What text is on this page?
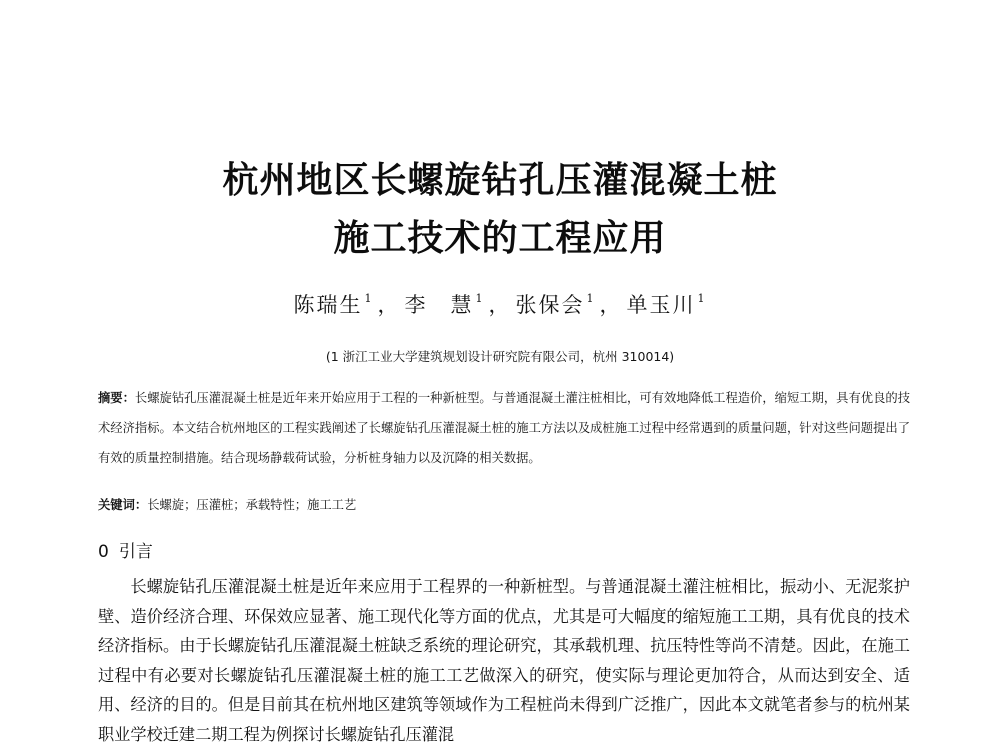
杭州地区长螺旋钻孔压灌混凝土桩
施工技术的工程应用
陈瑞生 $^1$ ， 李　慧 $^1$ ， 张保会 $^1$ ， 单玉川 $^1$
(1 浙江工业大学建筑规划设计研究院有限公司，杭州 310014)
摘要：长螺旋钻孔压灌混凝土桩是近年来开始应用于工程的一种新桩型。与普通混凝土灌注桩相比，可有效地降低工程造价，缩短工期，具有优良的技术经济指标。本文结合杭州地区的工程实践阐述了长螺旋钻孔压灌混凝土桩的施工方法以及成桩施工过程中经常遇到的质量问题，针对这些问题提出了有效的质量控制措施。结合现场静载荷试验，分析桩身轴力以及沉降的相关数据。
关键词：长螺旋；压灌桩；承载特性；施工工艺
0 引言
长螺旋钻孔压灌混凝土桩是近年来应用于工程界的一种新桩型。与普通混凝土灌注桩相比，振动小、无泥浆护壁、造价经济合理、环保效应显著、施工现代化等方面的优点，尤其是可大幅度的缩短施工工期，具有优良的技术经济指标。由于长螺旋钻孔压灌混凝土桩缺乏系统的理论研究，其承载机理、抗压特性等尚不清楚。因此，在施工过程中有必要对长螺旋钻孔压灌混凝土桩的施工工艺做深入的研究，使实际与理论更加符合，从而达到安全、适用、经济的目的。但是目前其在杭州地区建筑等领域作为工程桩尚未得到广泛推广，因此本文就笔者参与的杭州某职业学校迁建二期工程为例探讨长螺旋钻孔压灌混
